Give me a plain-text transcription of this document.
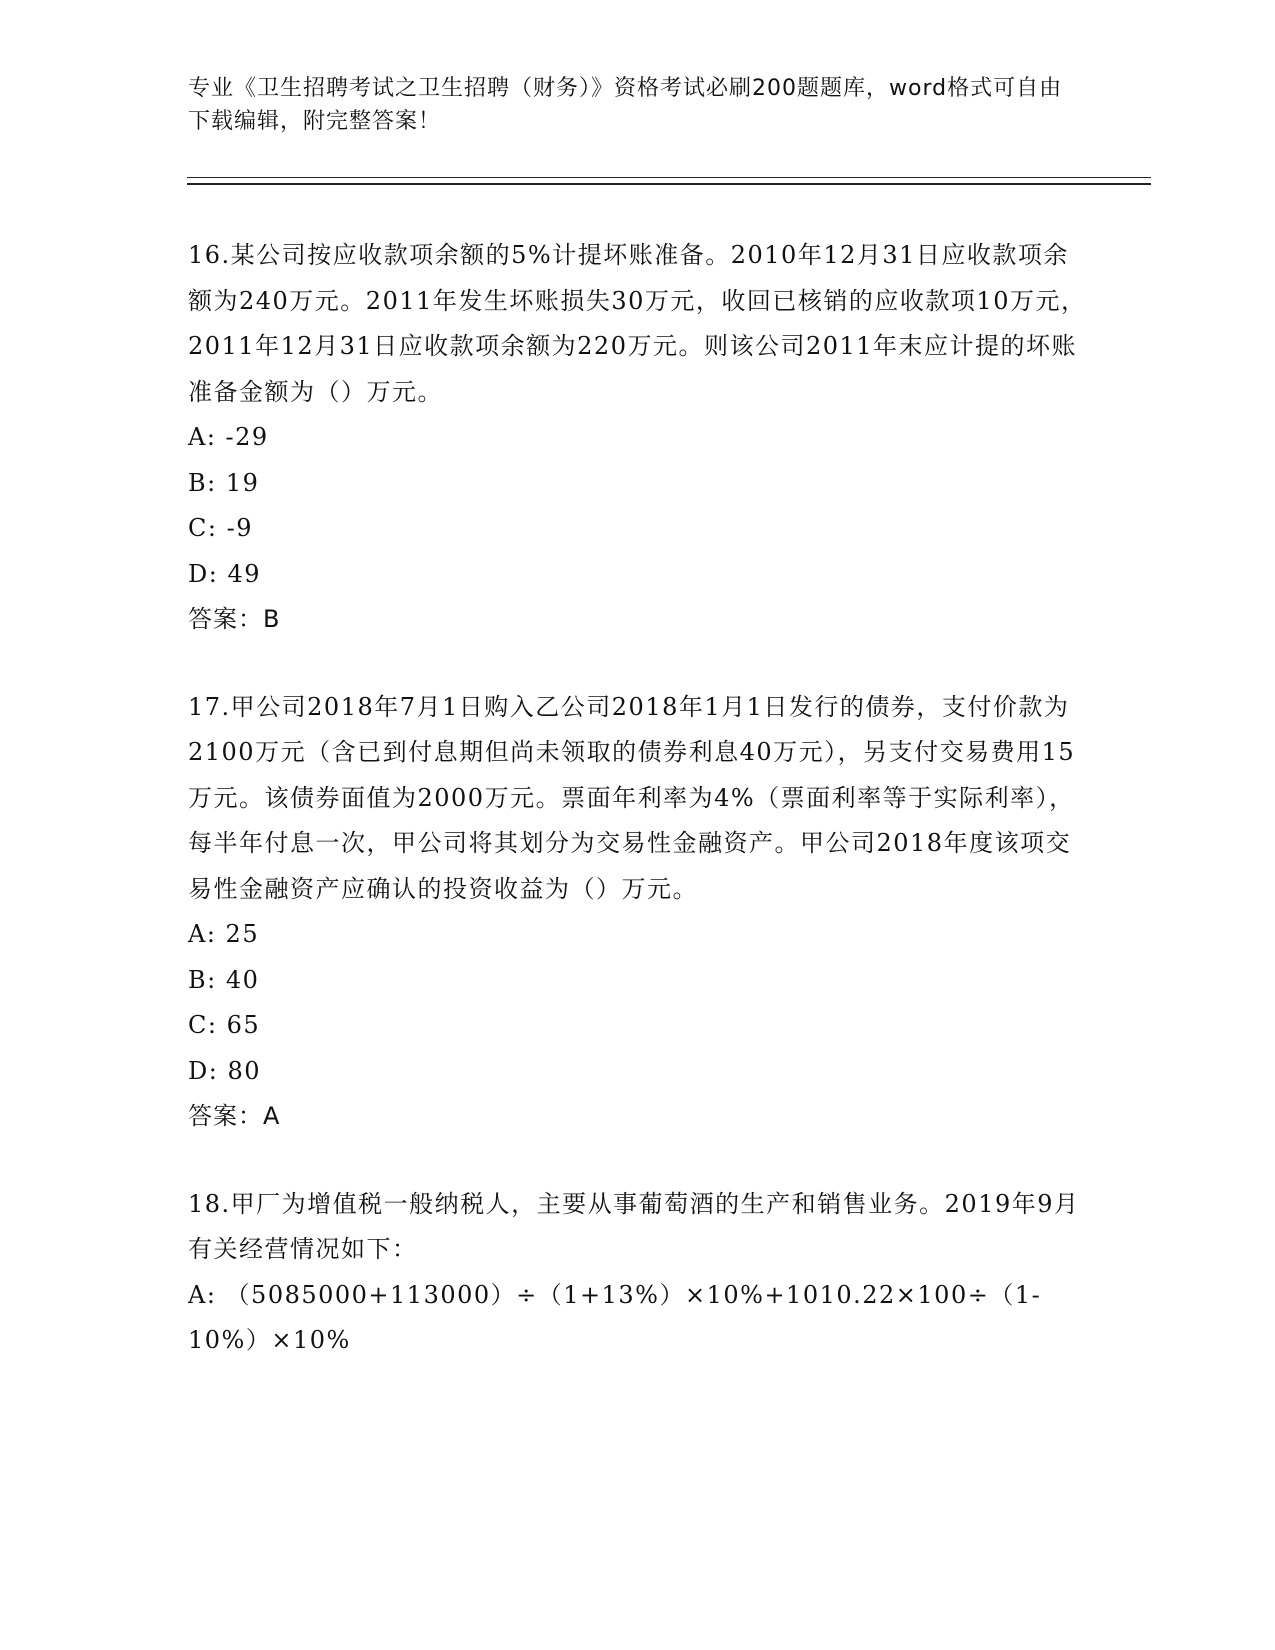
专业《卫生招聘考试之卫生招聘（财务）》资格考试必刷200题题库，word格式可自由下载编辑，附完整答案！
16.某公司按应收款项余额的5%计提坏账准备。2010年12月31日应收款项余额为240万元。2011年发生坏账损失30万元，收回已核销的应收款项10万元，2011年12月31日应收款项余额为220万元。则该公司2011年末应计提的坏账准备金额为（）万元。
A: -29
B: 19
C: -9
D: 49
答案：B
17.甲公司2018年7月1日购入乙公司2018年1月1日发行的债券，支付价款为2100万元（含已到付息期但尚未领取的债券利息40万元），另支付交易费用15万元。该债券面值为2000万元。票面年利率为4%（票面利率等于实际利率），每半年付息一次，甲公司将其划分为交易性金融资产。甲公司2018年度该项交易性金融资产应确认的投资收益为（）万元。
A: 25
B: 40
C: 65
D: 80
答案：A
18.甲厂为增值税一般纳税人，主要从事葡萄酒的生产和销售业务。2019年9月有关经营情况如下：
A: （5085000+113000）÷（1+13%）×10%+1010.22×100÷（1-10%）×10%
